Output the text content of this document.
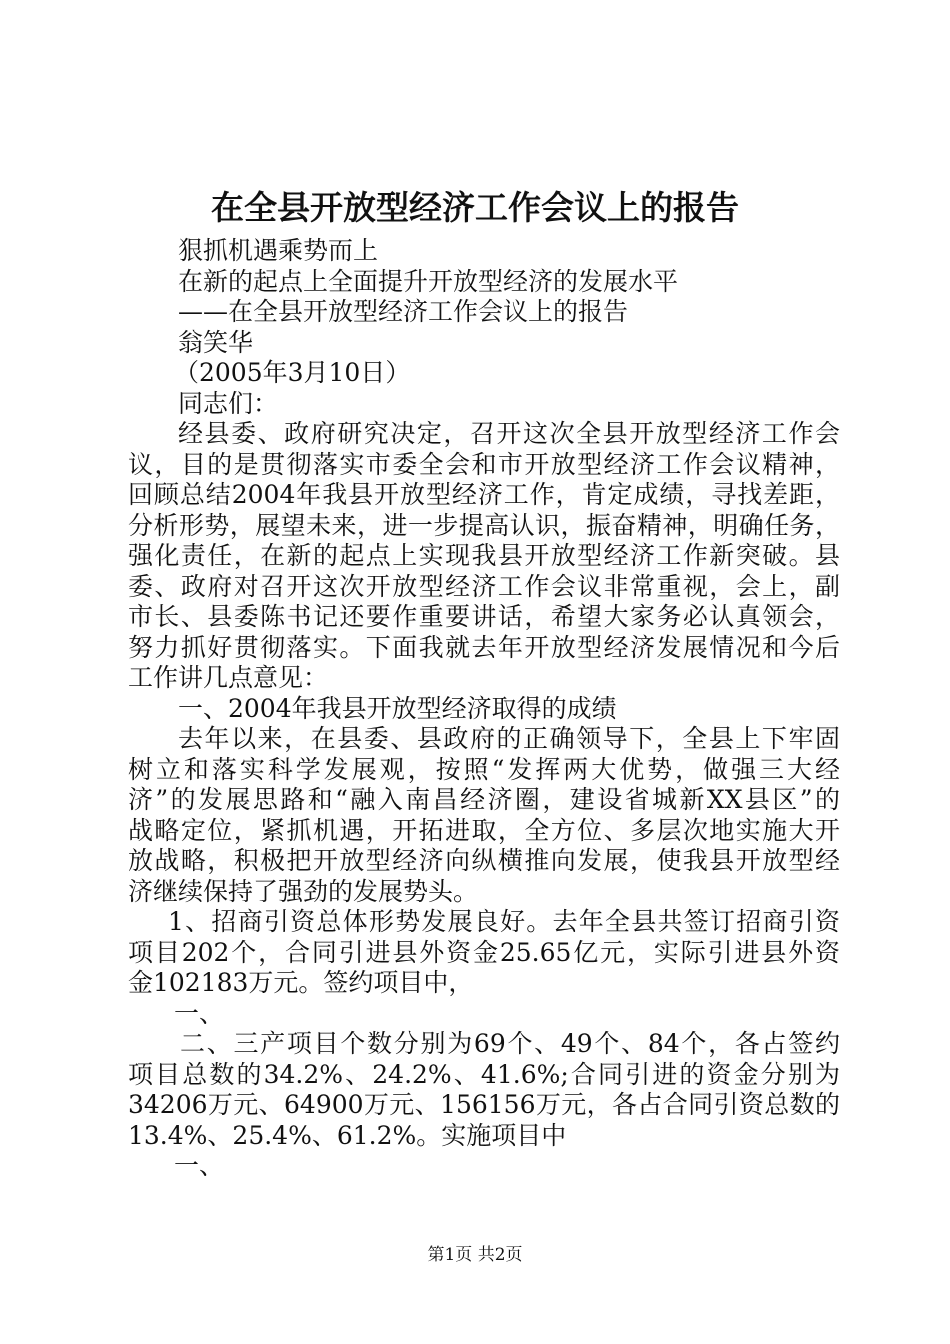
在全县开放型经济工作会议上的报告
狠抓机遇乘势而上
在新的起点上全面提升开放型经济的发展水平
——在全县开放型经济工作会议上的报告
翁笑华
（2005年3月10日）
同志们：
经县委、政府研究决定，召开这次全县开放型经济工作会
议，目的是贯彻落实市委全会和市开放型经济工作会议精神，
回顾总结2004年我县开放型经济工作，肯定成绩，寻找差距，
分析形势，展望未来，进一步提高认识，振奋精神，明确任务，
强化责任，在新的起点上实现我县开放型经济工作新突破。县
委、政府对召开这次开放型经济工作会议非常重视，会上，副
市长、县委陈书记还要作重要讲话，希望大家务必认真领会，
努力抓好贯彻落实。下面我就去年开放型经济发展情况和今后
工作讲几点意见：
一、2004年我县开放型经济取得的成绩
去年以来，在县委、县政府的正确领导下，全县上下牢固
树立和落实科学发展观，按照“发挥两大优势，做强三大经
济”的发展思路和“融入南昌经济圈，建设省城新XX县区”的
战略定位，紧抓机遇，开拓进取，全方位、多层次地实施大开
放战略，积极把开放型经济向纵横推向发展，使我县开放型经
济继续保持了强劲的发展势头。
1、招商引资总体形势发展良好。去年全县共签订招商引资
项目202个，合同引进县外资金25.65亿元，实际引进县外资
金102183万元。签约项目中，
一、
二、三产项目个数分别为69个、49个、84个，各占签约
项目总数的34.2%、24.2%、41.6%;合同引进的资金分别为
34206万元、64900万元、156156万元，各占合同引资总数的
13.4%、25.4%、61.2%。实施项目中
一、
第1页 共2页
